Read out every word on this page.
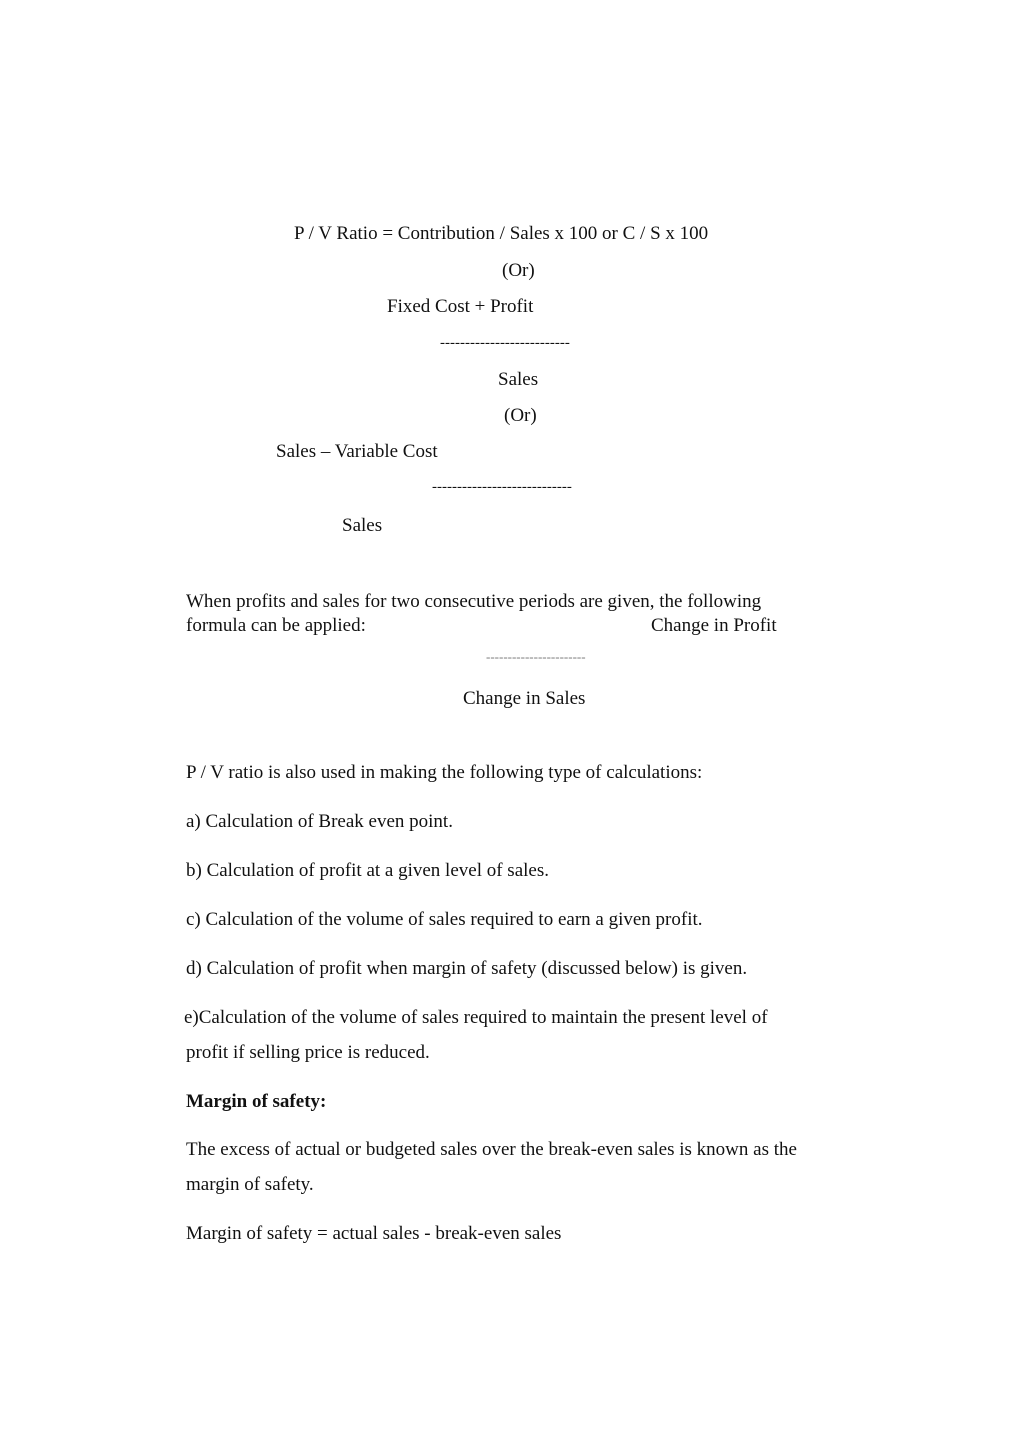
P / V Ratio = Contribution / Sales x 100 or C / S x 100
(Or)
Fixed Cost + Profit
--------------------------
Sales
(Or)
Sales – Variable Cost
----------------------------
Sales
When profits and sales for two consecutive periods are given, the following
formula can be applied:	Change in Profit
-----------------------
Change in Sales
P / V ratio is also used in making the following type of calculations:
a) Calculation of Break even point.
b) Calculation of profit at a given level of sales.
c) Calculation of the volume of sales required to earn a given profit.
d) Calculation of profit when margin of safety (discussed below) is given.
e)Calculation of the volume of sales required to maintain the present level of
profit if selling price is reduced.
Margin of safety:
The excess of actual or budgeted sales over the break-even sales is known as the
margin of safety.
Margin of safety = actual sales - break-even sales
